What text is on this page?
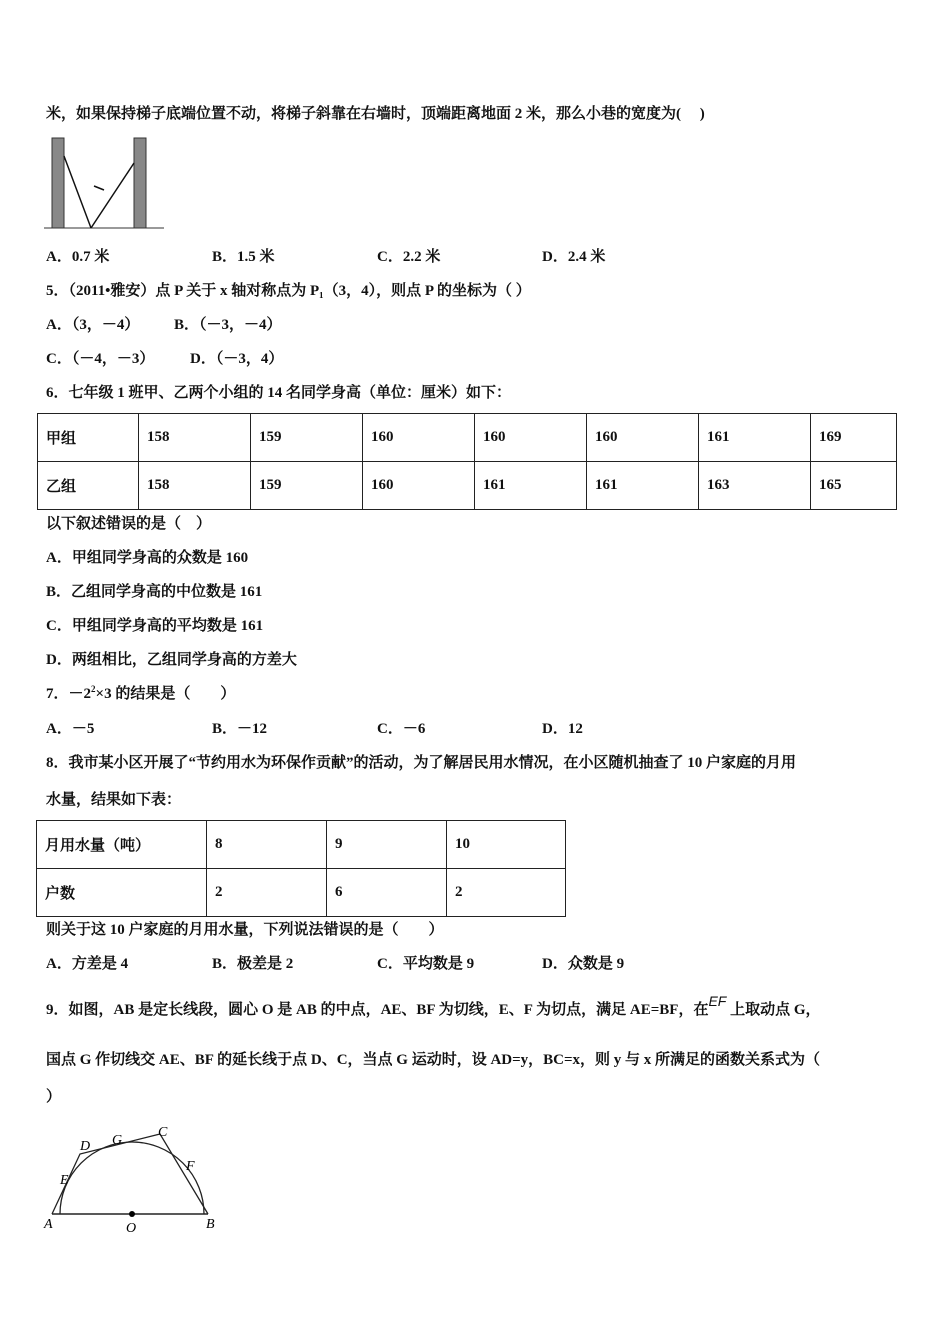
米，如果保持梯子底端位置不动，将梯子斜靠在右墙时，顶端距离地面 2 米，那么小巷的宽度为(　 )
A．0.7 米	B．1.5 米	C．2.2 米	D．2.4 米
5．（2011•雅安）点 P 关于 x 轴对称点为 P₁（3，4），则点 P 的坐标为（ ）
A．（3，－4） B．（－3，－4）
C．（－4，－3） D．（－3，4）
6．七年级 1 班甲、乙两个小组的 14 名同学身高（单位：厘米）如下：
甲组	158	159	160	160	160	161	169
乙组	158	159	160	161	161	163	165
以下叙述错误的是（　）
A．甲组同学身高的众数是 160
B．乙组同学身高的中位数是 161
C．甲组同学身高的平均数是 161
D．两组相比，乙组同学身高的方差大
7．$-2^2\times 3$ 的结果是（　　）
A．－5	B．－12	C．－6	D．12
8．我市某小区开展了“节约用水为环保作贡献”的活动，为了解居民用水情况，在小区随机抽查了 10 户家庭的月用
水量，结果如下表：
月用水量（吨）	8	9	10
户数	2	6	2
则关于这 10 户家庭的月用水量，下列说法错误的是（　　）
A．方差是 4	B．极差是 2	C．平均数是 9	D．众数是 9
9．如图，AB 是定长线段，圆心 O 是 AB 的中点，AE、BF 为切线，E、F 为切点，满足 AE=BF，在EF 上取动点 G，
国点 G 作切线交 AE、BF 的延长线于点 D、C，当点 G 运动时，设 AD=y，BC=x，则 y 与 x 所满足的函数关系式为（
）
A	O	B
D G
C
E
F
